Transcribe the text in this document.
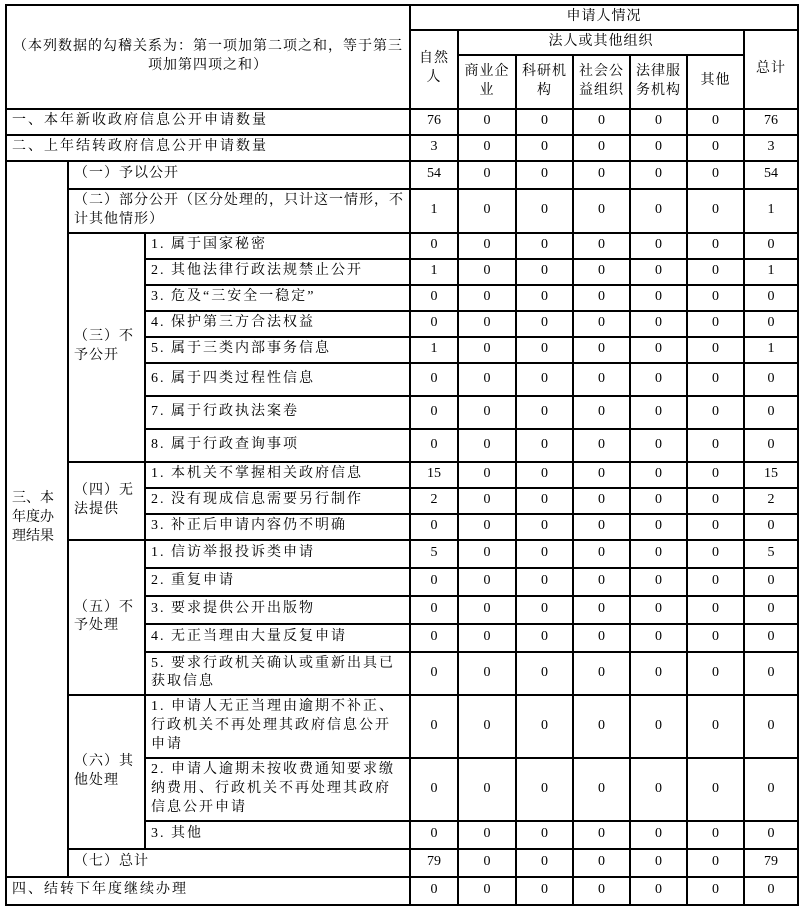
（本列数据的勾稽关系为：第一项加第二项之和，等于第三项加第四项之和）			申请人情况						
			自然人	法人或其他组织					总计
				商业企业	科研机构	社会公益组织	法律服务机构	其他	
一、本年新收政府信息公开申请数量			76	0	0	0	0	0	76
二、上年结转政府信息公开申请数量			3	0	0	0	0	0	3
三、本年度办理结果	（一）予以公开		54	0	0	0	0	0	54
	（二）部分公开（区分处理的，只计这一情形，不计其他情形）		1	0	0	0	0	0	1
	（三）不予公开	1. 属于国家秘密	0	0	0	0	0	0	0
		2. 其他法律行政法规禁止公开	1	0	0	0	0	0	1
		3. 危及“三安全一稳定”	0	0	0	0	0	0	0
		4. 保护第三方合法权益	0	0	0	0	0	0	0
		5. 属于三类内部事务信息	1	0	0	0	0	0	1
		6. 属于四类过程性信息	0	0	0	0	0	0	0
		7. 属于行政执法案卷	0	0	0	0	0	0	0
		8. 属于行政查询事项	0	0	0	0	0	0	0
	（四）无法提供	1. 本机关不掌握相关政府信息	15	0	0	0	0	0	15
		2. 没有现成信息需要另行制作	2	0	0	0	0	0	2
		3. 补正后申请内容仍不明确	0	0	0	0	0	0	0
	（五）不予处理	1. 信访举报投诉类申请	5	0	0	0	0	0	5
		2. 重复申请	0	0	0	0	0	0	0
		3. 要求提供公开出版物	0	0	0	0	0	0	0
		4. 无正当理由大量反复申请	0	0	0	0	0	0	0
		5. 要求行政机关确认或重新出具已获取信息	0	0	0	0	0	0	0
	（六）其他处理	1. 申请人无正当理由逾期不补正、行政机关不再处理其政府信息公开申请	0	0	0	0	0	0	0
		2. 申请人逾期未按收费通知要求缴纳费用、行政机关不再处理其政府信息公开申请	0	0	0	0	0	0	0
		3. 其他	0	0	0	0	0	0	0
	（七）总计		79	0	0	0	0	0	79
四、结转下年度继续办理			0	0	0	0	0	0	0
